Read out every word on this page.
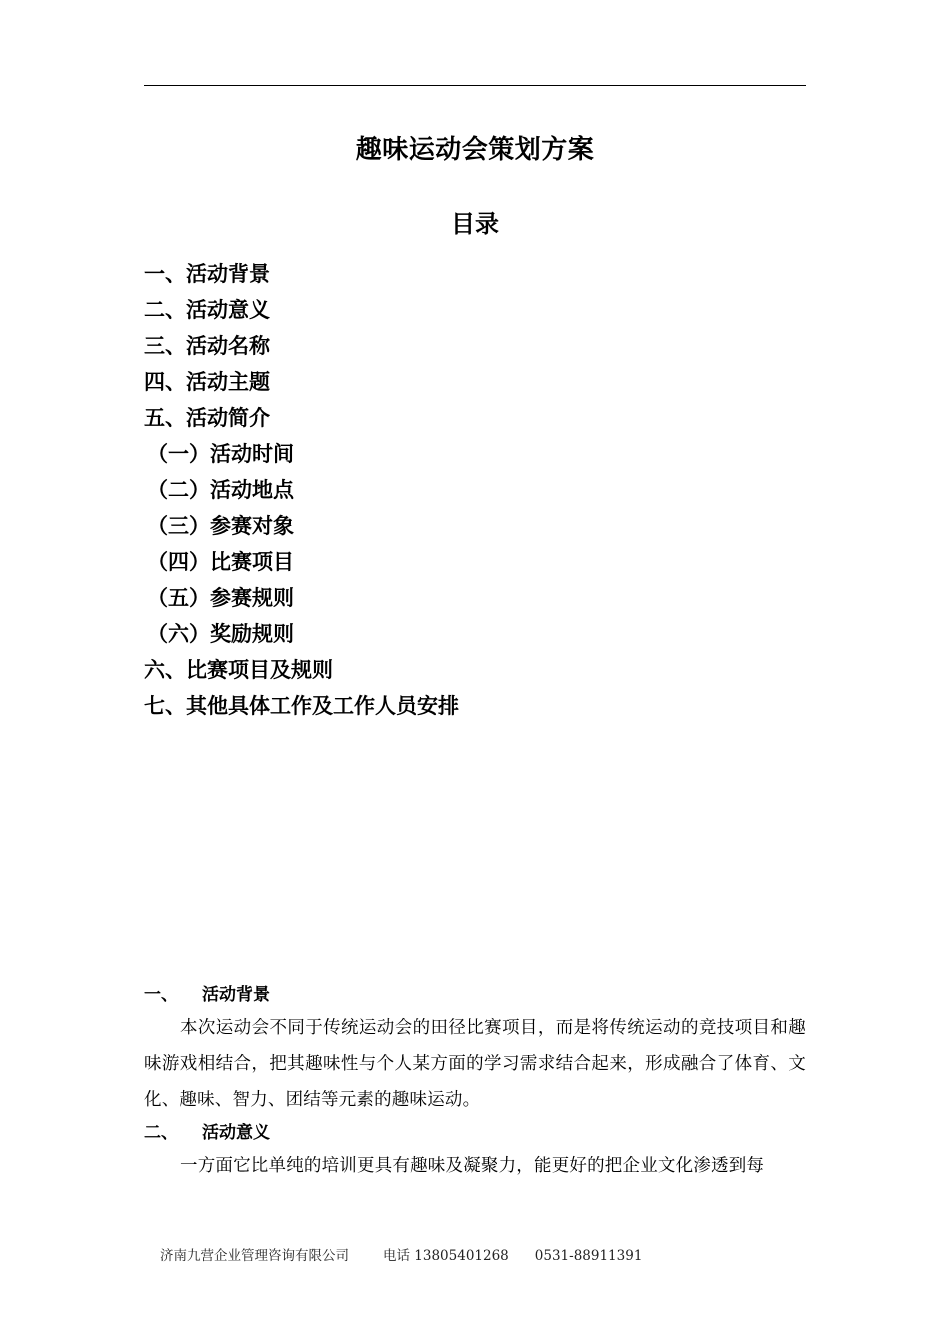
趣味运动会策划方案
目录
一、活动背景
二、活动意义
三、活动名称
四、活动主题
五、活动简介
（一）活动时间
（二）活动地点
（三）参赛对象
（四）比赛项目
（五）参赛规则
（六）奖励规则
六、比赛项目及规则
七、其他具体工作及工作人员安排
一、 活动背景

本次运动会不同于传统运动会的田径比赛项目，而是将传统运动的竞技项目和趣味游戏相结合，把其趣味性与个人某方面的学习需求结合起来，形成融合了体育、文化、趣味、智力、团结等元素的趣味运动。

二、 活动意义

一方面它比单纯的培训更具有趣味及凝聚力，能更好的把企业文化渗透到每

济南九营企业管理咨询有限公司	电话 13805401268 0531-88911391
